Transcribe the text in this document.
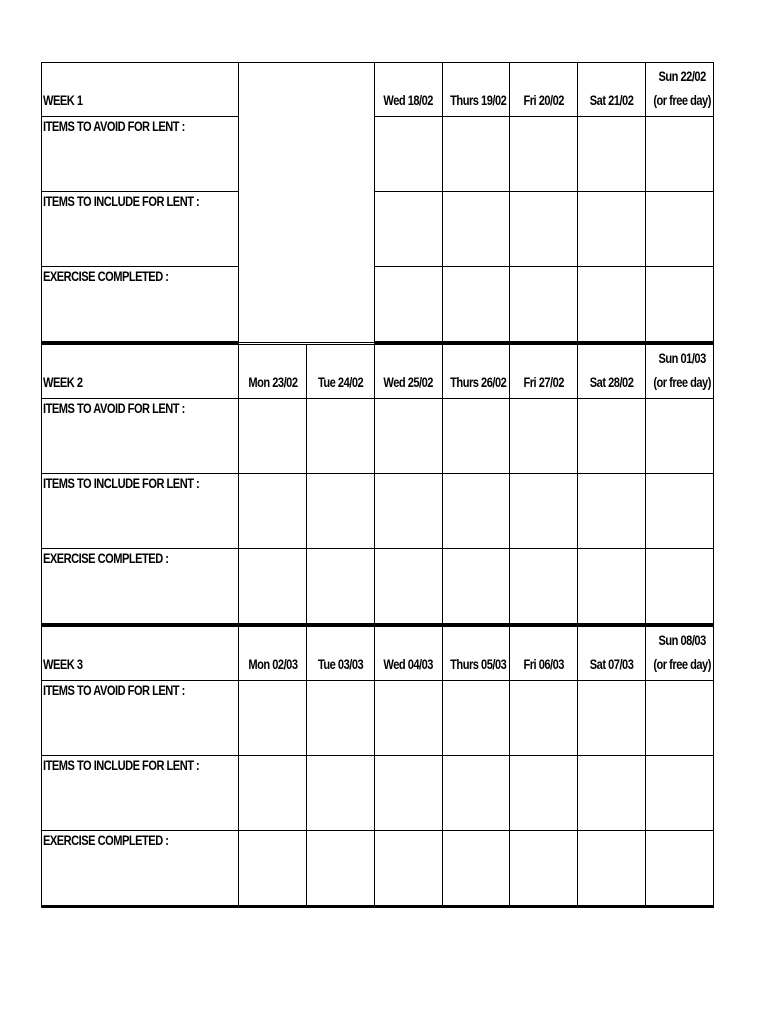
WEEK 1		Wed 18/02	Thurs 19/02	Fri 20/02	Sat 21/02	Sun 22/02
(or free day)

ITEMS TO AVOID FOR LENT :						
ITEMS TO INCLUDE FOR LENT :						
EXERCISE COMPLETED :						
WEEK 2	Mon 23/02	Tue 24/02	Wed 25/02	Thurs 26/02	Fri 27/02	Sat 28/02	Sun 01/03
(or free day)

ITEMS TO AVOID FOR LENT :							
ITEMS TO INCLUDE FOR LENT :							
EXERCISE COMPLETED :							
WEEK 3	Mon 02/03	Tue 03/03	Wed 04/03	Thurs 05/03	Fri 06/03	Sat 07/03	Sun 08/03
(or free day)

ITEMS TO AVOID FOR LENT :							
ITEMS TO INCLUDE FOR LENT :							
EXERCISE COMPLETED :							
